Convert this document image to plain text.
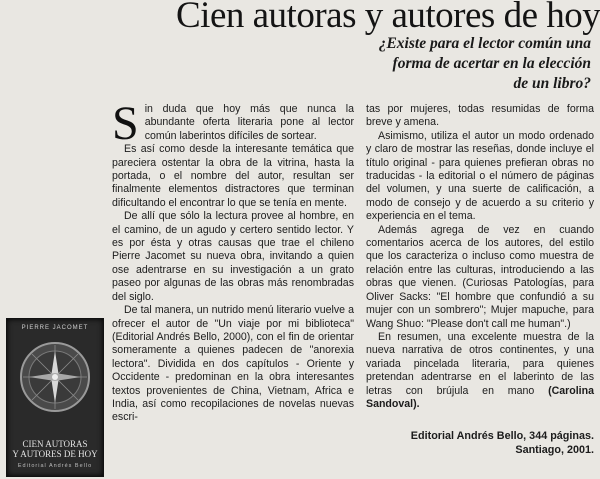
Cien autoras y autores de hoy
¿Existe para el lector común una
forma de acertar en la elección
de un libro?
PIERRE JACOMET
CIEN AUTORAS
Y AUTORES DE HOY
Editorial Andrés Bello

Sin duda que hoy más que nunca la abundante oferta literaria pone al lector común laberintos difíciles de sortear.

Es así como desde la interesante temática que pareciera ostentar la obra de la vitrina, hasta la portada, o el nombre del autor, resultan ser finalmente elementos distractores que terminan dificultando el encontrar lo que se tenía en mente.

De allí que sólo la lectura provee al hombre, en el camino, de un agudo y certero sentido lector. Y es por ésta y otras causas que trae el chileno Pierre Jacomet su nueva obra, invitando a quien ose adentrarse en su investigación a un grato paseo por algunas de las obras más renombradas del siglo.

De tal manera, un nutrido menú literario vuelve a ofrecer el autor de "Un viaje por mi biblioteca" (Editorial Andrés Bello, 2000), con el fin de orientar someramente a quienes padecen de "anorexia lectora". Dividida en dos capítulos - Oriente y Occidente - predominan en la obra interesantes textos provenientes de China, Vietnam, Africa e India, así como recopilaciones de novelas nuevas escri-

tas por mujeres, todas resumidas de forma breve y amena.

Asimismo, utiliza el autor un modo ordenado y claro de mostrar las reseñas, donde incluye el título original - para quienes prefieran obras no traducidas - la editorial o el número de páginas del volumen, y una suerte de calificación, a modo de consejo y de acuerdo a su criterio y experiencia en el tema.

Además agrega de vez en cuando comentarios acerca de los autores, del estilo que los caracteriza o incluso como muestra de relación entre las culturas, introduciendo a las obras que vienen. (Curiosas Patologías, para Oliver Sacks: "El hombre que confundió a su mujer con un sombrero"; Mujer mapuche, para Wang Shuo: "Please don't call me human".)

En resumen, una excelente muestra de la nueva narrativa de otros continentes, y una variada pincelada literaria, para quienes pretendan adentrarse en el laberinto de las letras con brújula en mano (Carolina Sandoval).

Editorial Andrés Bello, 344 páginas.
Santiago, 2001.
